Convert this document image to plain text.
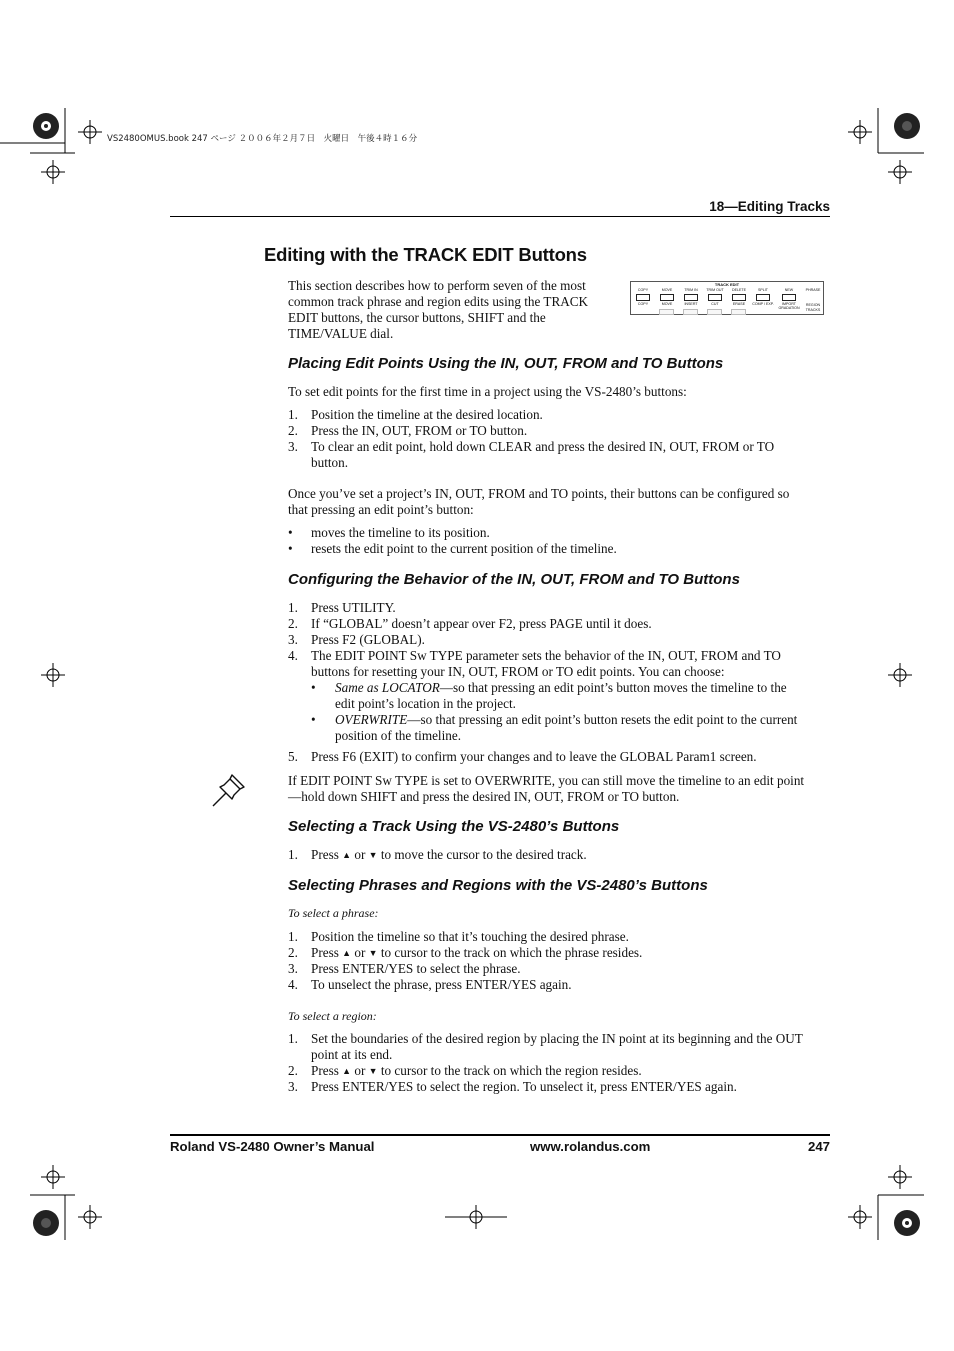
VS2480OMUS.book 247 ページ ２００６年２月７日　火曜日　午後４時１６分
18—Editing Tracks
Editing with the TRACK EDIT Buttons
This section describes how to perform seven of the most common track phrase and region edits using the TRACK EDIT buttons, the cursor buttons, SHIFT and the TIME/VALUE dial.
TRACK EDIT
COPY	MOVE	TRIM IN	TRIM OUT	DELETE	SPLIT	NEW
COPY	MOVE	INSERT	CUT	ERASE	COMP / EXP.	IMPORT GRADATION
PHRASE
REGION
TRACKS
Placing Edit Points Using the IN, OUT, FROM and TO Buttons
To set edit points for the first time in a project using the VS-2480’s buttons:
1. Position the timeline at the desired location.
2. Press the IN, OUT, FROM or TO button.
3. To clear an edit point, hold down CLEAR and press the desired IN, OUT, FROM or TO button.
Once you’ve set a project’s IN, OUT, FROM and TO points, their buttons can be configured so that pressing an edit point’s button:
• moves the timeline to its position.
• resets the edit point to the current position of the timeline.
Configuring the Behavior of the IN, OUT, FROM and TO Buttons
1. Press UTILITY.
2. If “GLOBAL” doesn’t appear over F2, press PAGE until it does.
3. Press F2 (GLOBAL).
4. The EDIT POINT Sw TYPE parameter sets the behavior of the IN, OUT, FROM and TO buttons for resetting your IN, OUT, FROM or TO edit points. You can choose:
• Same as LOCATOR—so that pressing an edit point’s button moves the timeline to the edit point’s location in the project.
• OVERWRITE—so that pressing an edit point’s button resets the edit point to the current position of the timeline.
5. Press F6 (EXIT) to confirm your changes and to leave the GLOBAL Param1 screen.
If EDIT POINT Sw TYPE is set to OVERWRITE, you can still move the timeline to an edit point—hold down SHIFT and press the desired IN, OUT, FROM or TO button.
Selecting a Track Using the VS-2480’s Buttons
1. Press ▲ or ▼ to move the cursor to the desired track.
Selecting Phrases and Regions with the VS-2480’s Buttons
To select a phrase:
1. Position the timeline so that it’s touching the desired phrase.
2. Press ▲ or ▼ to cursor to the track on which the phrase resides.
3. Press ENTER/YES to select the phrase.
4. To unselect the phrase, press ENTER/YES again.
To select a region:
1. Set the boundaries of the desired region by placing the IN point at its beginning and the OUT point at its end.
2. Press ▲ or ▼ to cursor to the track on which the region resides.
3. Press ENTER/YES to select the region. To unselect it, press ENTER/YES again.
Roland VS-2480 Owner’s Manual	www.rolandus.com	247
